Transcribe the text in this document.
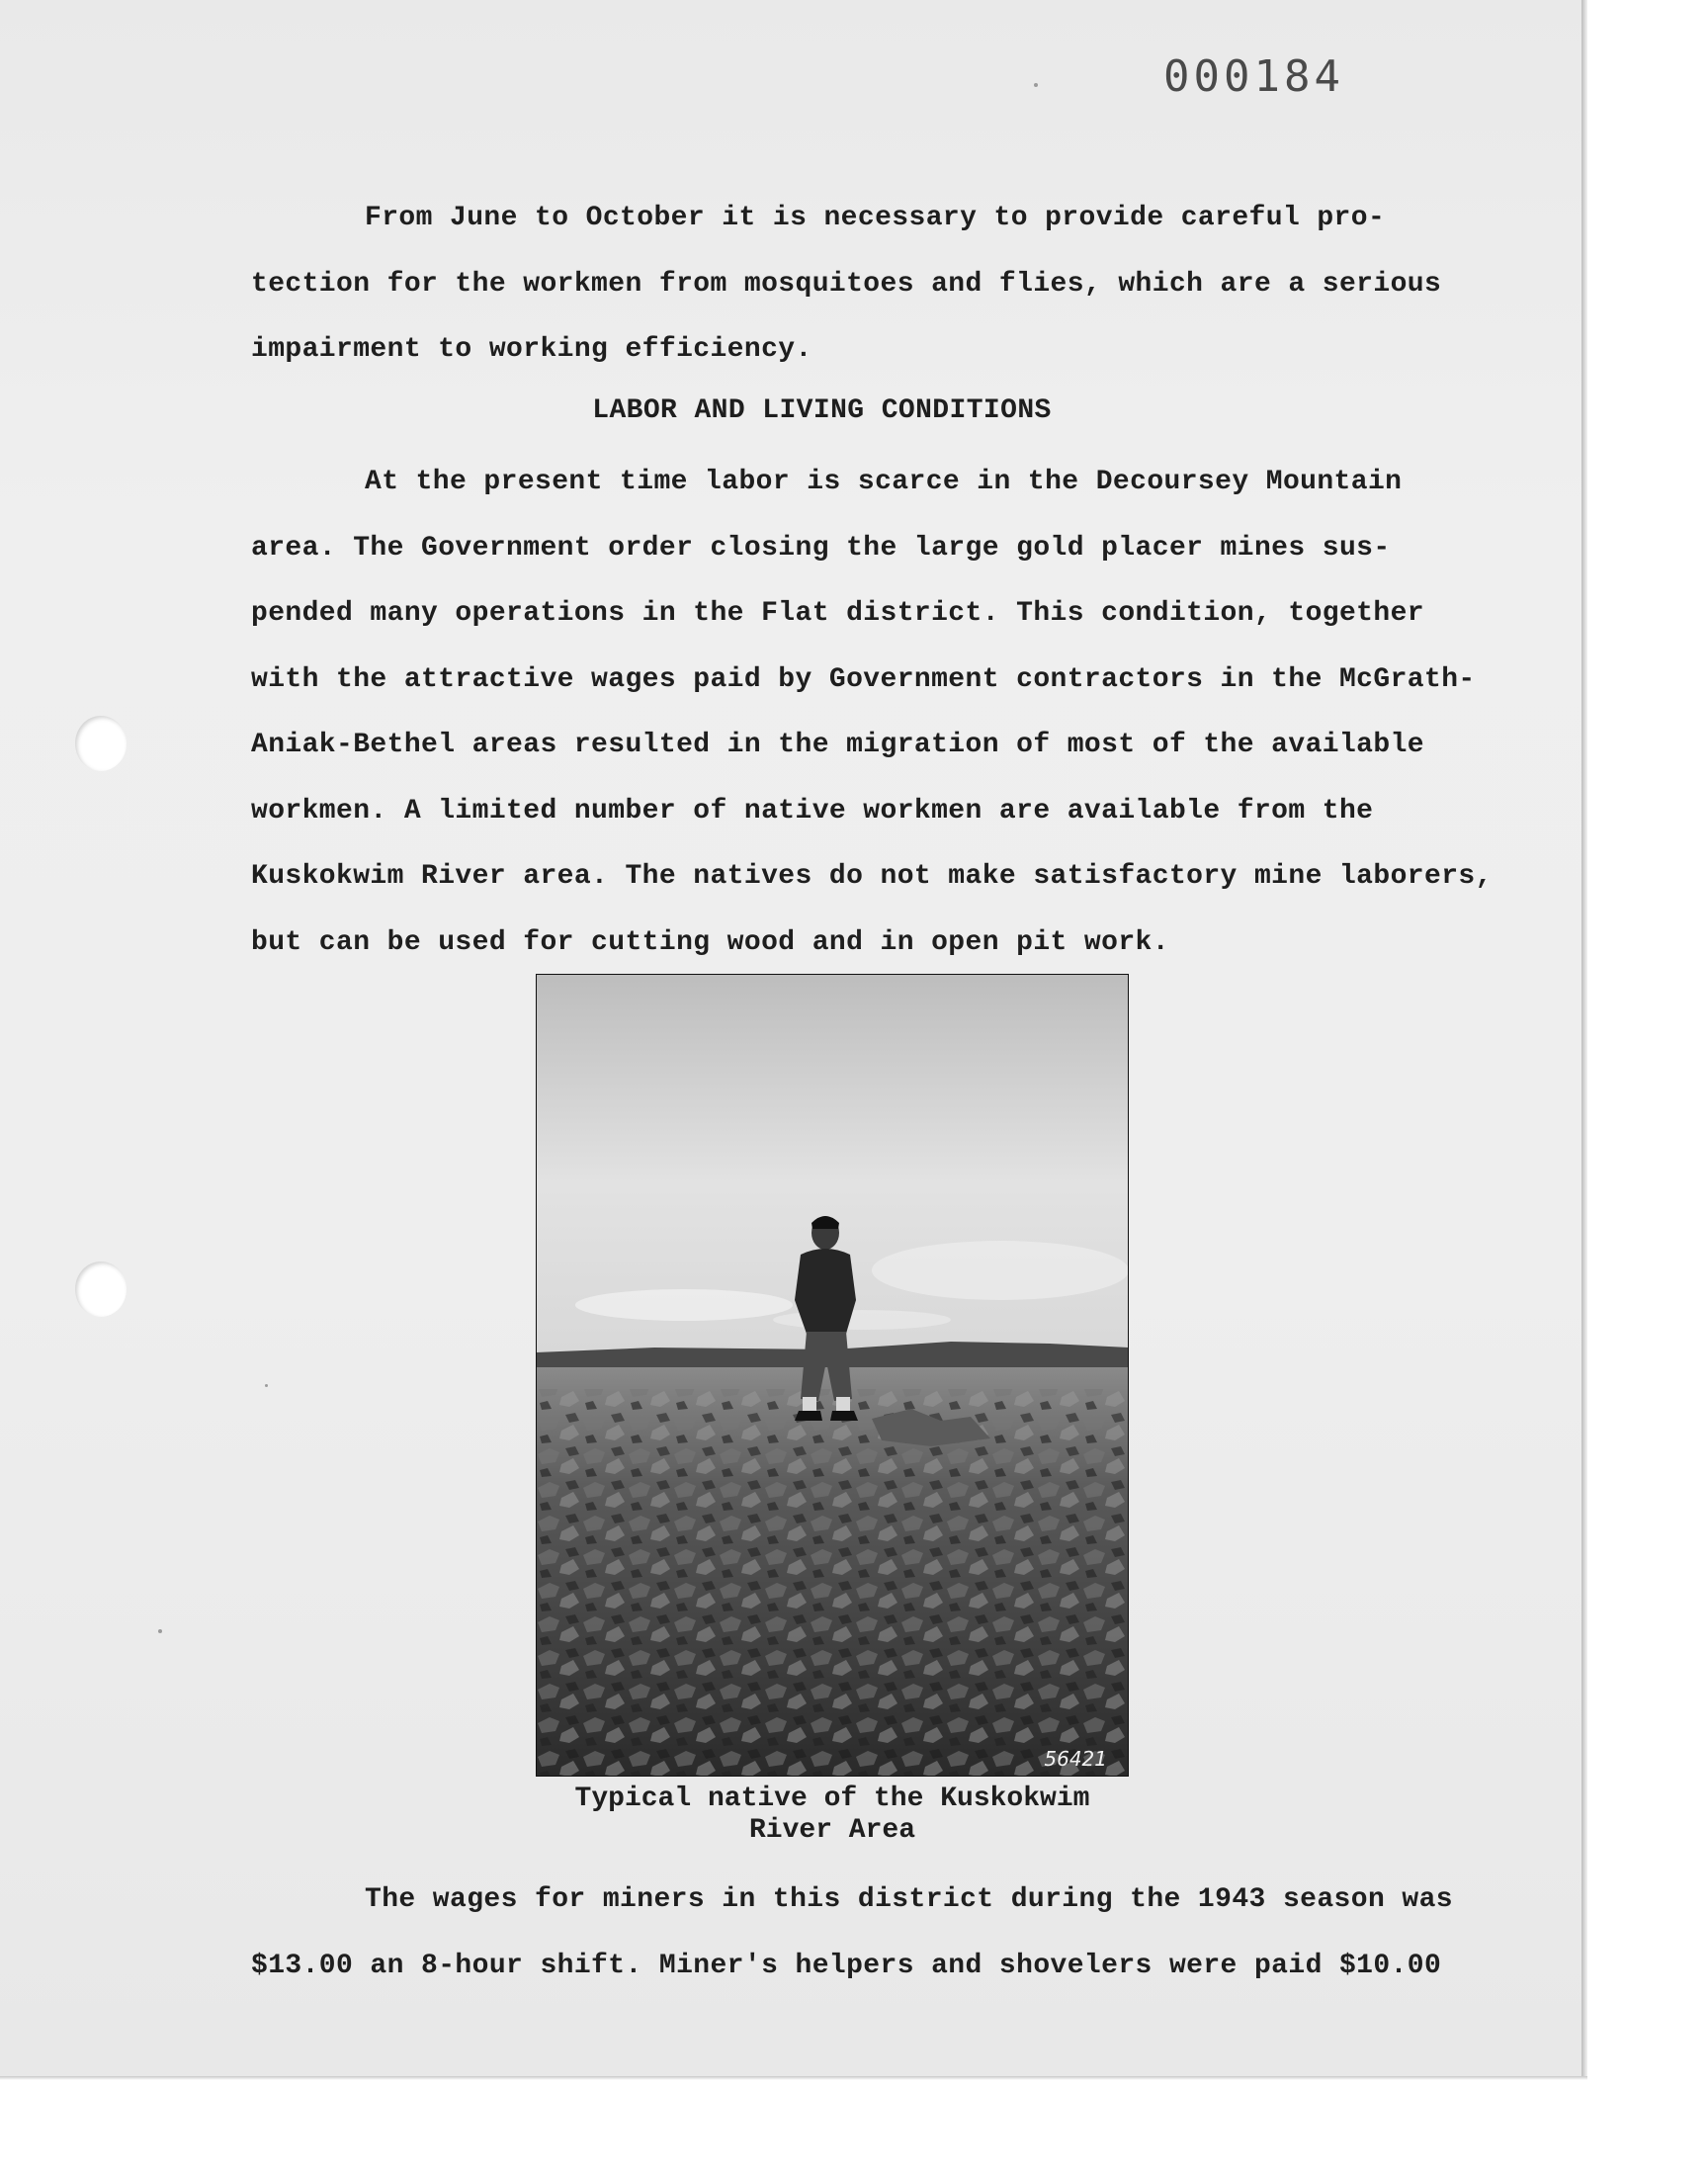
000184

From June to October it is necessary to provide careful pro-

tection for the workmen from mosquitoes and flies, which are a serious

impairment to working efficiency.

LABOR AND LIVING CONDITIONS

At the present time labor is scarce in the Decoursey Mountain

area. The Government order closing the large gold placer mines sus-

pended many operations in the Flat district. This condition, together

with the attractive wages paid by Government contractors in the McGrath-

Aniak-Bethel areas resulted in the migration of most of the available

workmen. A limited number of native workmen are available from the

Kuskokwim River area. The natives do not make satisfactory mine laborers,

but can be used for cutting wood and in open pit work.

56421
Typical native of the Kuskokwim
River Area

The wages for miners in this district during the 1943 season was

$13.00 an 8-hour shift. Miner's helpers and shovelers were paid $10.00
